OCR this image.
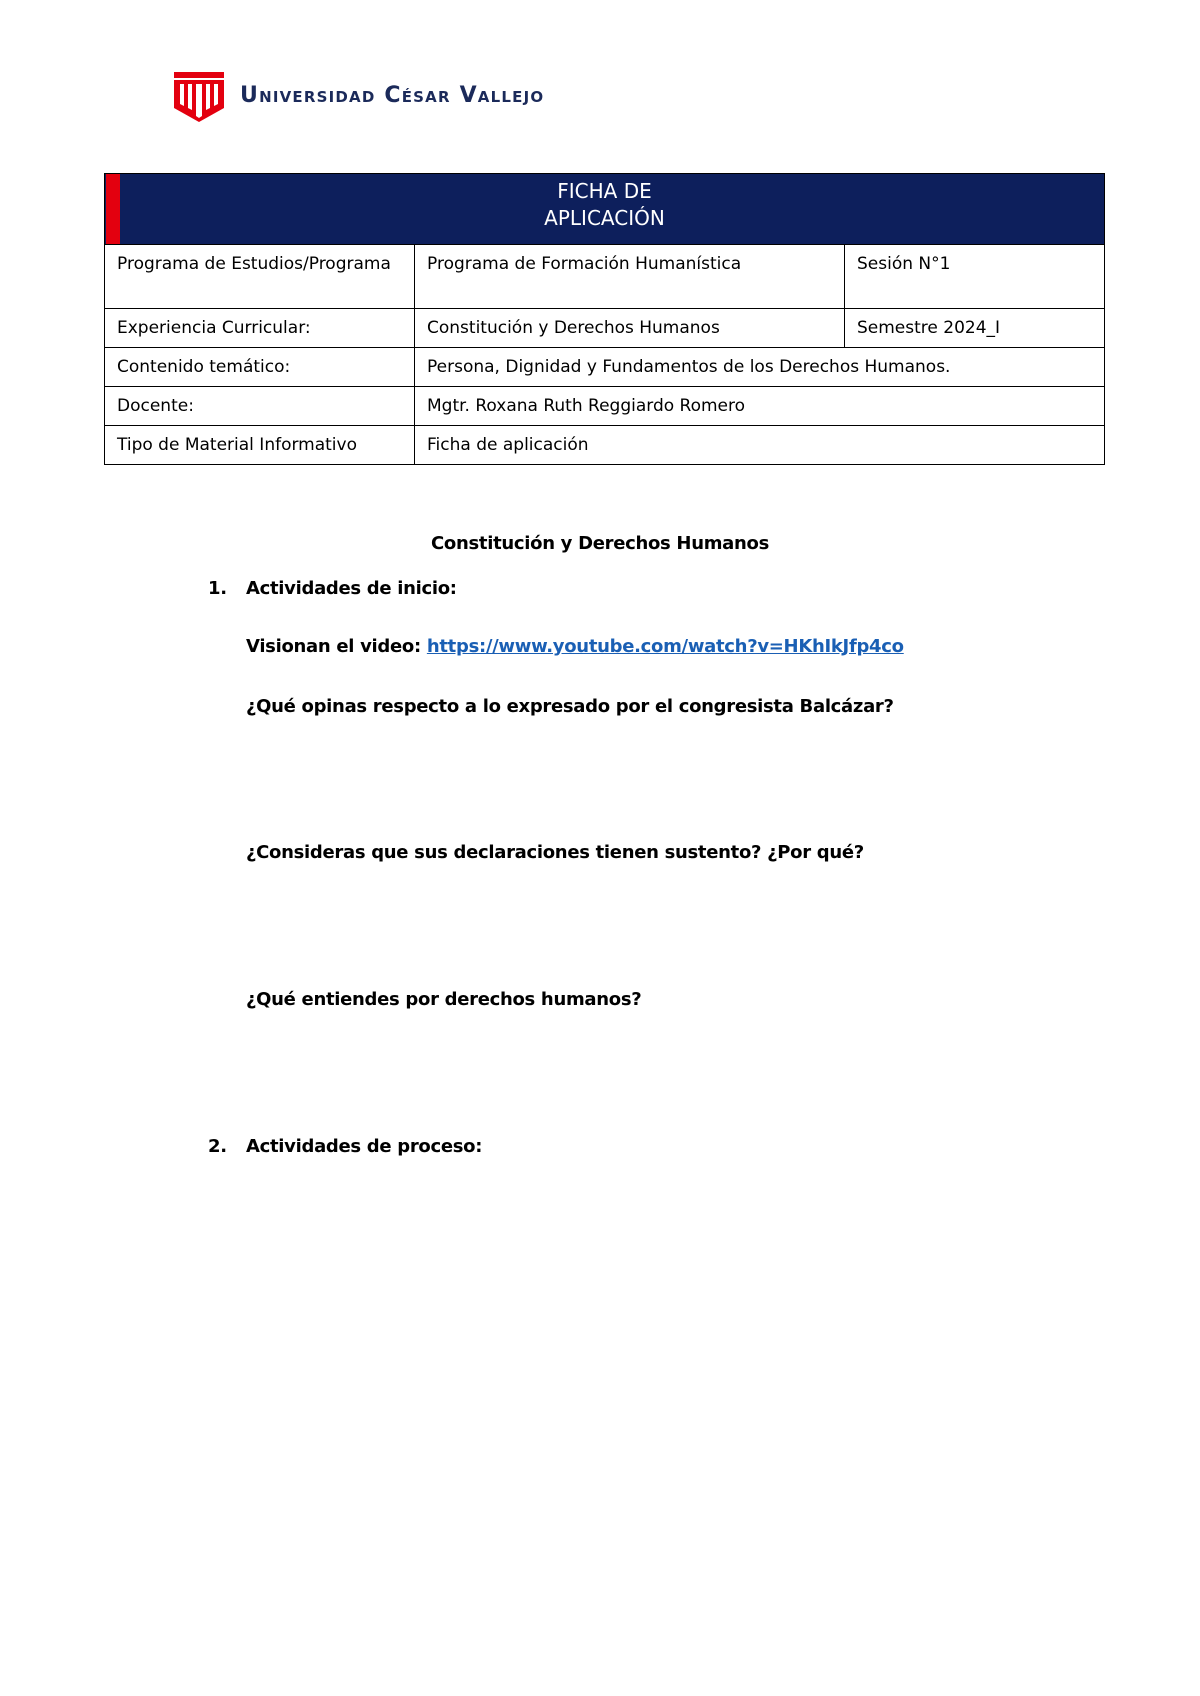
Universidad César Vallejo
FICHA DE
APLICACIÓN		

Programa de Estudios/Programa	Programa de Formación Humanística	Sesión N°1
Experiencia Curricular:	Constitución y Derechos Humanos	Semestre 2024_I
Contenido temático:	Persona, Dignidad y Fundamentos de los Derechos Humanos.	
Docente:	Mgtr. Roxana Ruth Reggiardo Romero	
Tipo de Material Informativo	Ficha de aplicación	
Constitución y Derechos Humanos
1. Actividades de inicio:
Visionan el video: https://www.youtube.com/watch?v=HKhIkJfp4co
¿Qué opinas respecto a lo expresado por el congresista Balcázar?
¿Consideras que sus declaraciones tienen sustento? ¿Por qué?
¿Qué entiendes por derechos humanos?
2. Actividades de proceso:
